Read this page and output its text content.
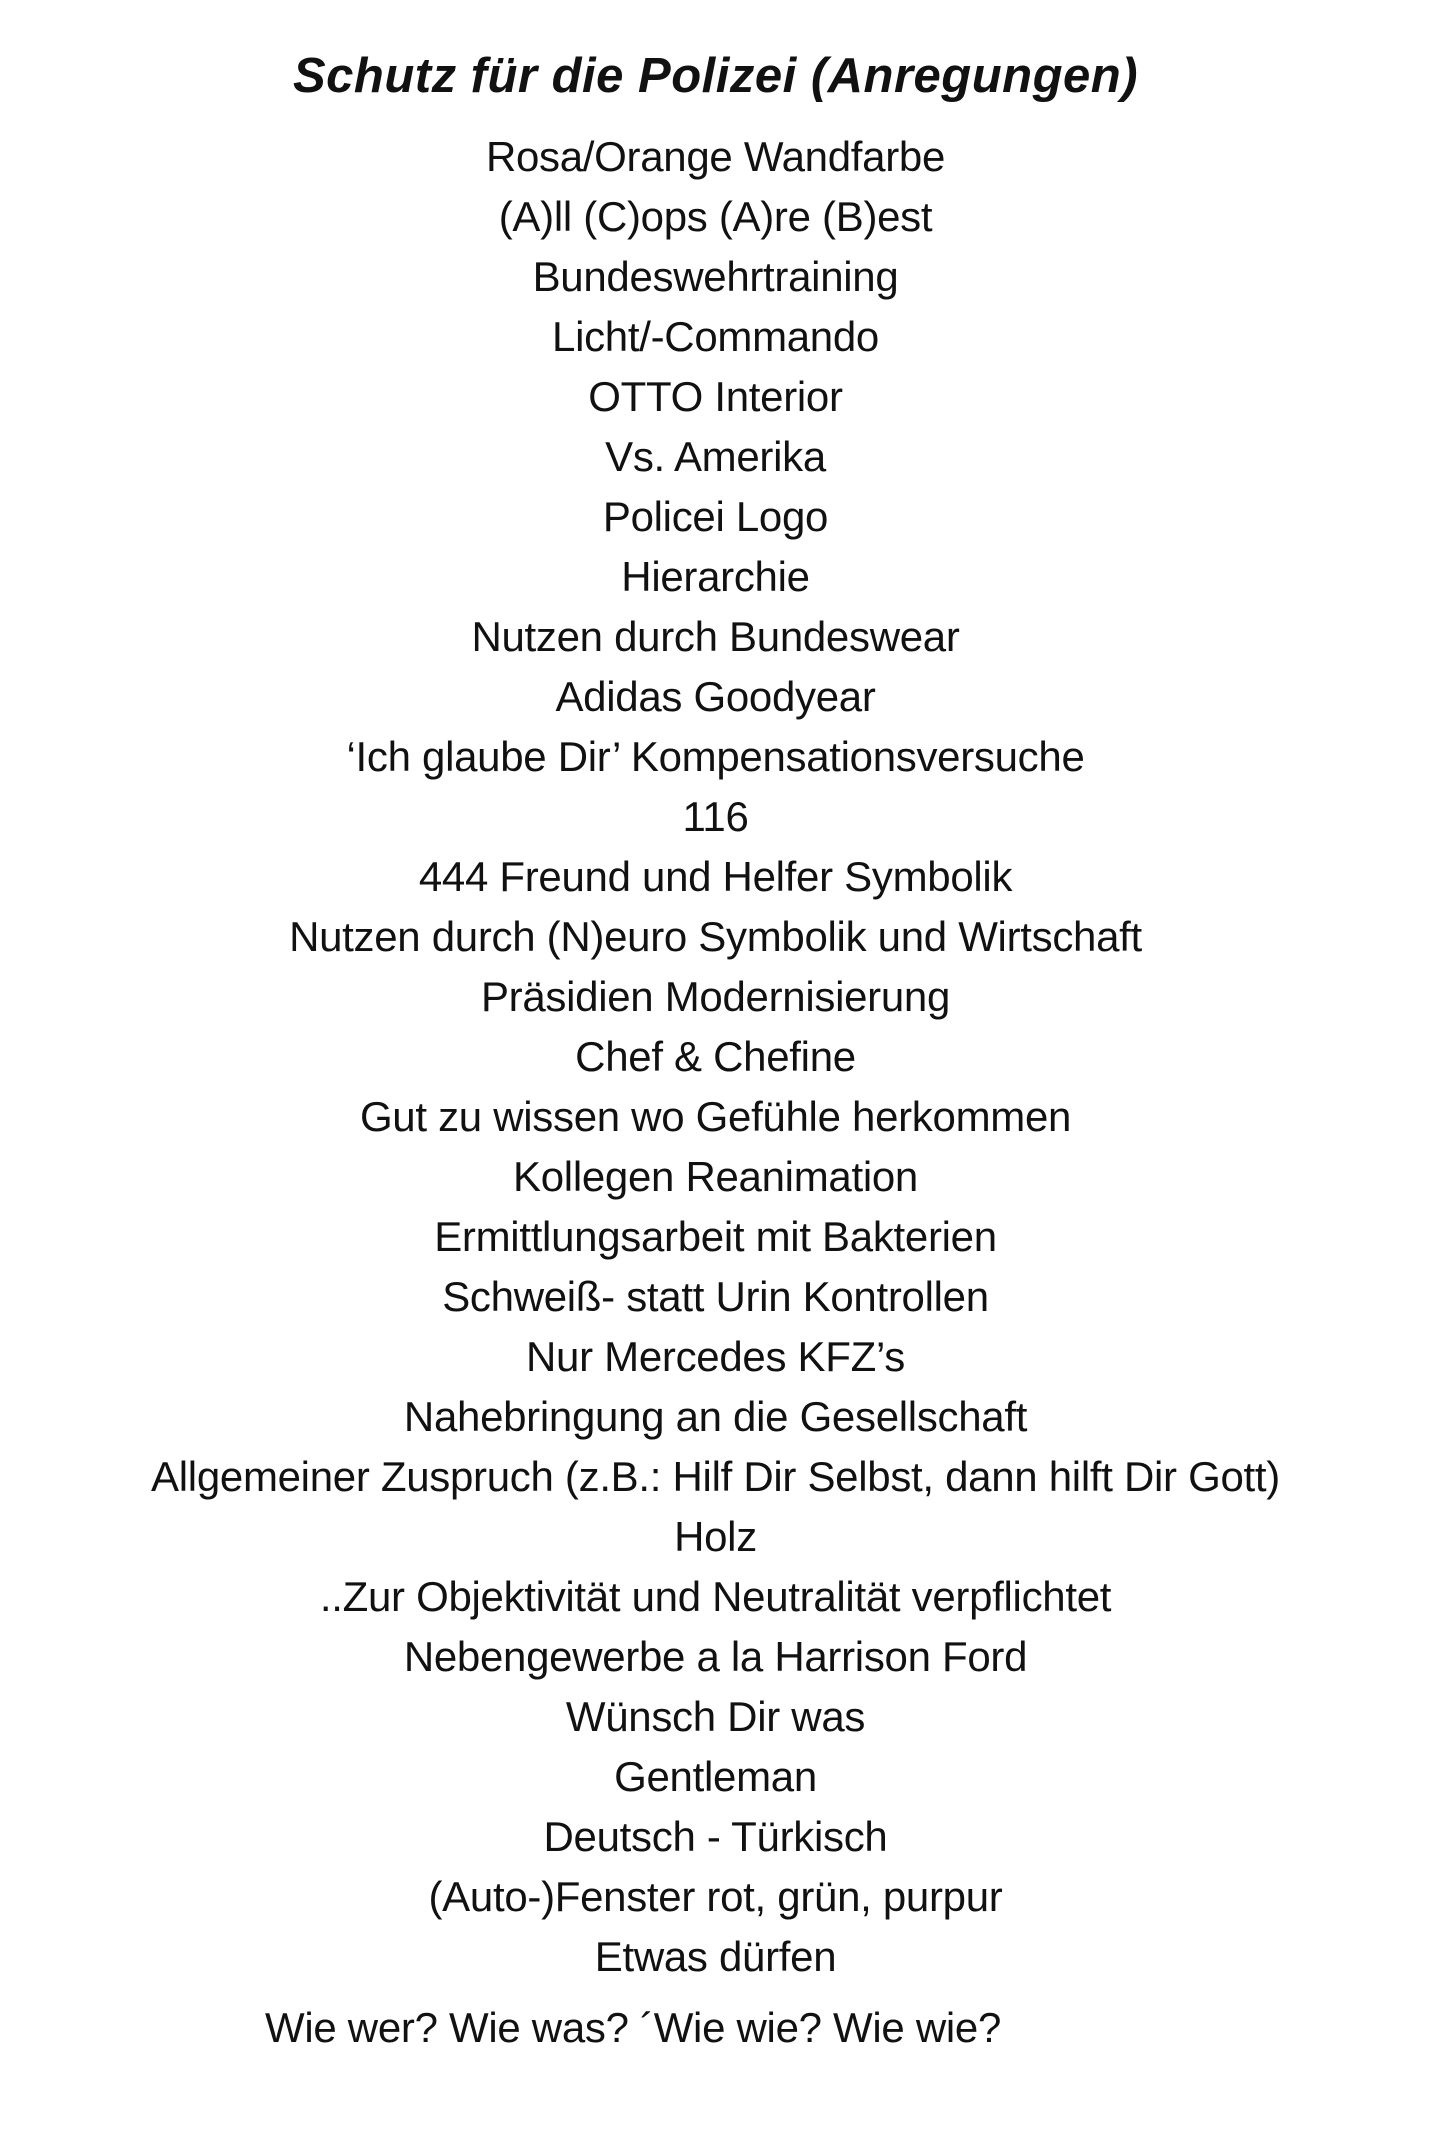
Schutz für die Polizei (Anregungen)
Rosa/Orange Wandfarbe
(A)ll (C)ops (A)re (B)est
Bundeswehrtraining
Licht/-Commando
OTTO Interior
Vs. Amerika
Policei Logo
Hierarchie
Nutzen durch Bundeswear
Adidas Goodyear
‘Ich glaube Dir’ Kompensationsversuche
116
444 Freund und Helfer Symbolik
Nutzen durch (N)euro Symbolik und Wirtschaft
Präsidien Modernisierung
Chef & Chefine
Gut zu wissen wo Gefühle herkommen
Kollegen Reanimation
Ermittlungsarbeit mit Bakterien
Schweiß- statt Urin Kontrollen
Nur Mercedes KFZ’s
Nahebringung an die Gesellschaft
Allgemeiner Zuspruch (z.B.: Hilf Dir Selbst, dann hilft Dir Gott)
Holz
..Zur Objektivität und Neutralität verpflichtet
Nebengewerbe a la Harrison Ford
Wünsch Dir was
Gentleman
Deutsch - Türkisch
(Auto-)Fenster rot, grün, purpur
Etwas dürfen
Wie wer? Wie was? ´Wie wie? Wie wie?
